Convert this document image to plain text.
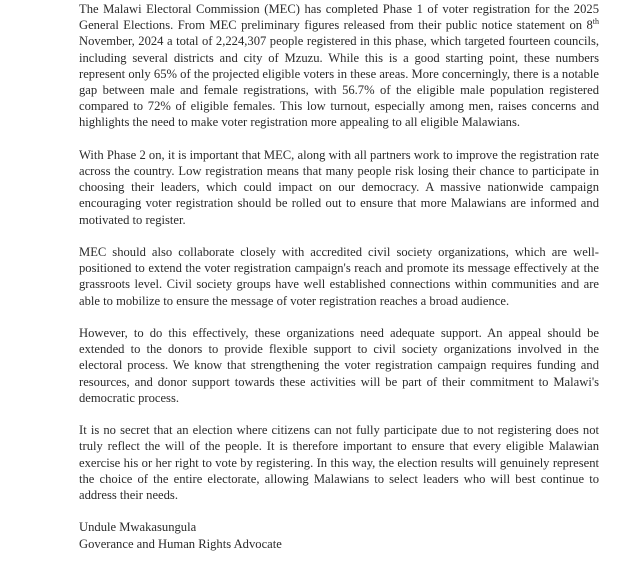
The Malawi Electoral Commission (MEC) has completed Phase 1 of voter registration for the 2025 General Elections. From MEC preliminary figures released from their public notice statement on 8th November, 2024 a total of 2,224,307 people registered in this phase, which targeted fourteen councils, including several districts and city of Mzuzu. While this is a good starting point, these numbers represent only 65% of the projected eligible voters in these areas. More concerningly, there is a notable gap between male and female registrations, with 56.7% of the eligible male population registered compared to 72% of eligible females. This low turnout, especially among men, raises concerns and highlights the need to make voter registration more appealing to all eligible Malawians.

With Phase 2 on, it is important that MEC, along with all partners work to improve the registration rate across the country. Low registration means that many people risk losing their chance to participate in choosing their leaders, which could impact on our democracy. A massive nationwide campaign encouraging voter registration should be rolled out to ensure that more Malawians are informed and motivated to register.

MEC should also collaborate closely with accredited civil society organizations, which are well-positioned to extend the voter registration campaign's reach and promote its message effectively at the grassroots level. Civil society groups have well established connections within communities and are able to mobilize to ensure the message of voter registration reaches a broad audience.

However, to do this effectively, these organizations need adequate support. An appeal should be extended to the donors to provide flexible support to civil society organizations involved in the electoral process. We know that strengthening the voter registration campaign requires funding and resources, and donor support towards these activities will be part of their commitment to Malawi's democratic process.

It is no secret that an election where citizens can not fully participate due to not registering does not truly reflect the will of the people. It is therefore important to ensure that every eligible Malawian exercise his or her right to vote by registering. In this way, the election results will genuinely represent the choice of the entire electorate, allowing Malawians to select leaders who will best continue to address their needs.

Undule Mwakasungula

Goverance and Human Rights Advocate
